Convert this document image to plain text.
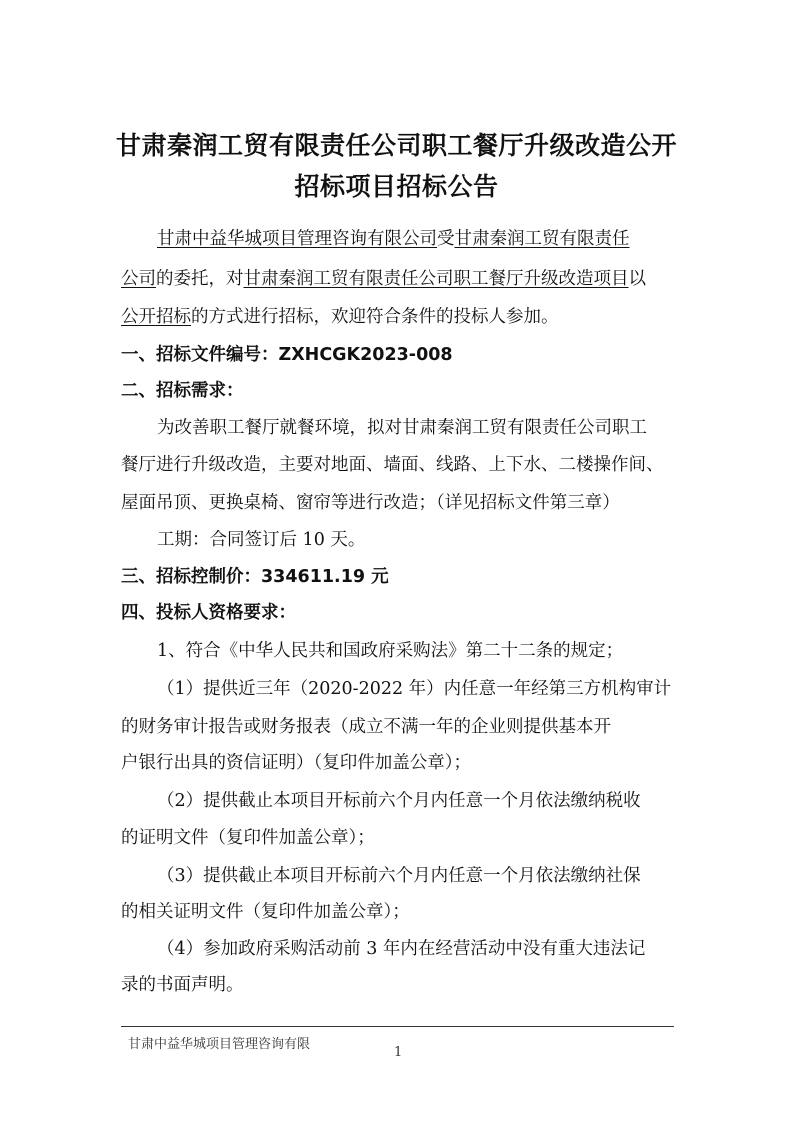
甘肃秦润工贸有限责任公司职工餐厅升级改造公开
招标项目招标公告

甘肃中益华城项目管理咨询有限公司受甘肃秦润工贸有限责任

公司的委托，对甘肃秦润工贸有限责任公司职工餐厅升级改造项目以

公开招标的方式进行招标，欢迎符合条件的投标人参加。

一、招标文件编号：ZXHCGK2023-008

二、招标需求：

为改善职工餐厅就餐环境，拟对甘肃秦润工贸有限责任公司职工

餐厅进行升级改造，主要对地面、墙面、线路、上下水、二楼操作间、

屋面吊顶、更换桌椅、窗帘等进行改造；（详见招标文件第三章）

工期：合同签订后 10 天。

三、招标控制价：334611.19 元

四、投标人资格要求：

1、符合《中华人民共和国政府采购法》第二十二条的规定；

（1）提供近三年（2020-2022 年）内任意一年经第三方机构审计

的财务审计报告或财务报表（成立不满一年的企业则提供基本开

户银行出具的资信证明）（复印件加盖公章）；

（2）提供截止本项目开标前六个月内任意一个月依法缴纳税收

的证明文件（复印件加盖公章）；

（3）提供截止本项目开标前六个月内任意一个月依法缴纳社保

的相关证明文件（复印件加盖公章）；

（4）参加政府采购活动前 3 年内在经营活动中没有重大违法记

录的书面声明。

甘肃中益华城项目管理咨询有限

1
